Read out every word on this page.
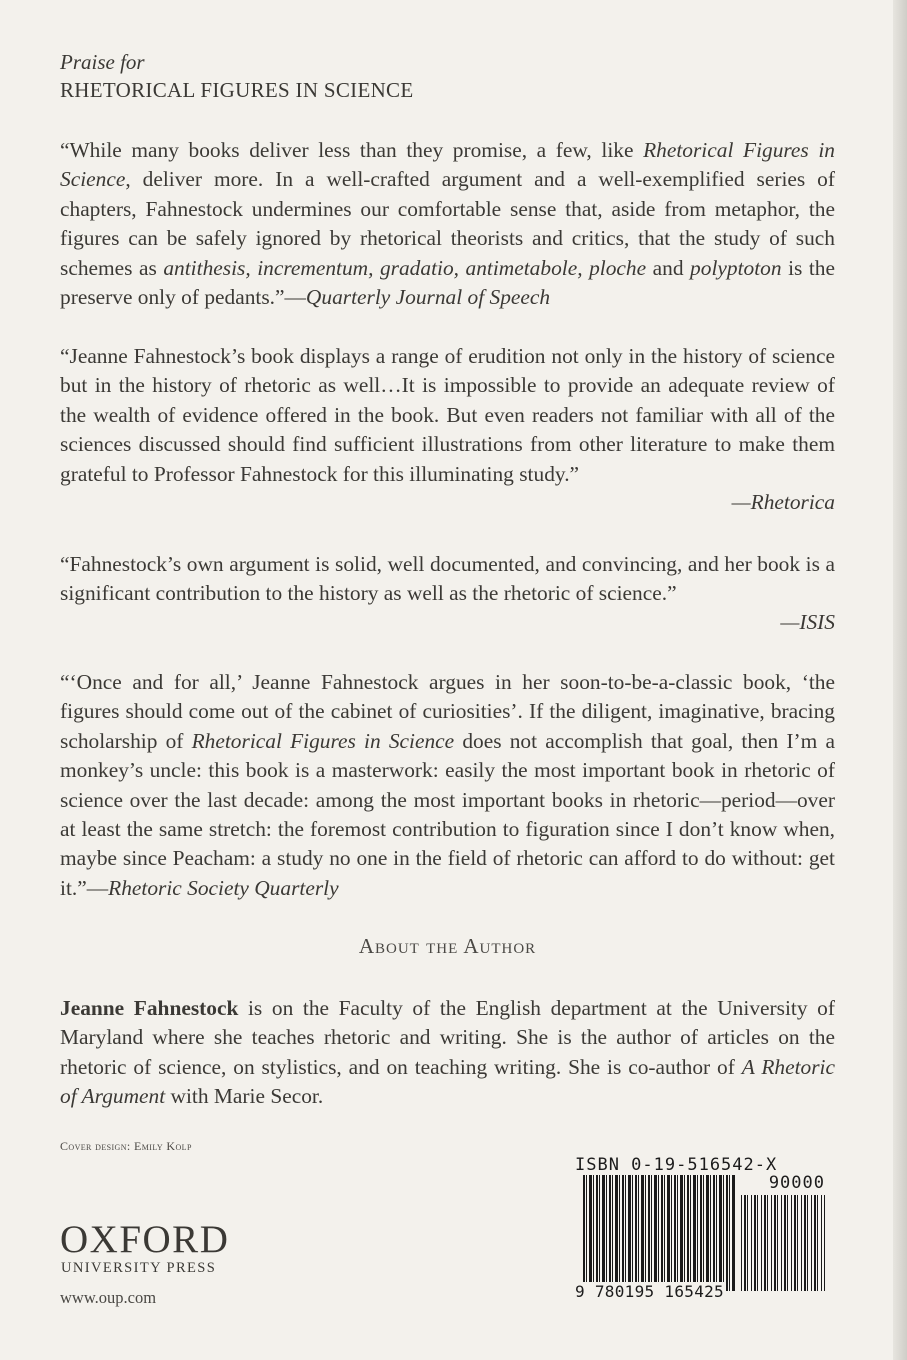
Praise for
RHETORICAL FIGURES IN SCIENCE

“While many books deliver less than they promise, a few, like Rhetorical Figures in Science, deliver more. In a well-crafted argument and a well-exemplified series of chapters, Fahnestock undermines our comfortable sense that, aside from metaphor, the figures can be safely ignored by rhetorical theorists and critics, that the study of such schemes as antithesis, incrementum, gradatio, antimetabole, ploche and polyptoton is the preserve only of pedants.”—Quarterly Journal of Speech

“Jeanne Fahnestock’s book displays a range of erudition not only in the history of science but in the history of rhetoric as well…It is impossible to provide an adequate review of the wealth of evidence offered in the book. But even readers not familiar with all of the sciences discussed should find sufficient illustrations from other literature to make them grateful to Professor Fahnestock for this illuminating study.”

—Rhetorica

“Fahnestock’s own argument is solid, well documented, and convincing, and her book is a significant contribution to the history as well as the rhetoric of science.”

—ISIS

“‘Once and for all,’ Jeanne Fahnestock argues in her soon-to-be-a-classic book, ‘the figures should come out of the cabinet of curiosities’. If the diligent, imaginative, bracing scholarship of Rhetorical Figures in Science does not accomplish that goal, then I’m a monkey’s uncle: this book is a masterwork: easily the most important book in rhetoric of science over the last decade: among the most important books in rhetoric—period—over at least the same stretch: the foremost contribution to figuration since I don’t know when, maybe since Peacham: a study no one in the field of rhetoric can afford to do without: get it.”—Rhetoric Society Quarterly

About the Author

Jeanne Fahnestock is on the Faculty of the English department at the University of Maryland where she teaches rhetoric and writing. She is the author of articles on the rhetoric of science, on stylistics, and on teaching writing. She is co-author of A Rhetoric of Argument with Marie Secor.

Cover design: Emily Kolp
OXFORD
UNIVERSITY PRESS
www.oup.com
ISBN 0-19-516542-X
90000
9 780195 165425
